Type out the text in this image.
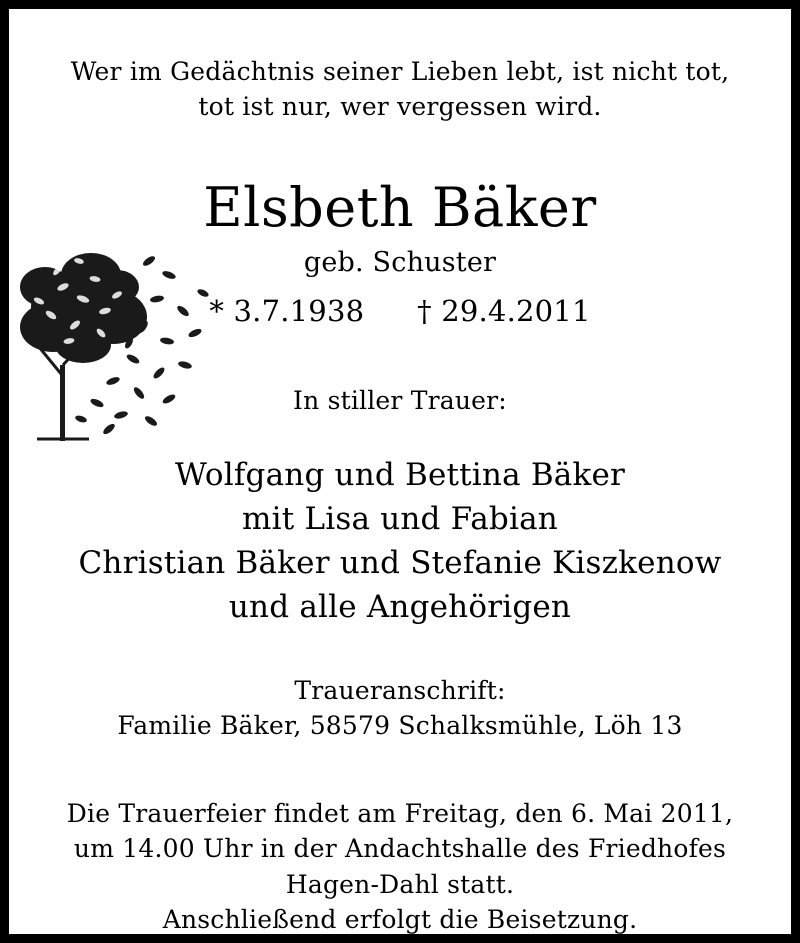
Wer im Gedächtnis seiner Lieben lebt, ist nicht tot,
tot ist nur, wer vergessen wird.
Elsbeth Bäker
geb. Schuster
* 3.7.1938 † 29.4.2011
In stiller Trauer:
Wolfgang und Bettina Bäker
mit Lisa und Fabian
Christian Bäker und Stefanie Kiszkenow
und alle Angehörigen
Traueranschrift:
Familie Bäker, 58579 Schalksmühle, Löh 13
Die Trauerfeier findet am Freitag, den 6. Mai 2011,
um 14.00 Uhr in der Andachtshalle des Friedhofes
Hagen-Dahl statt.
Anschließend erfolgt die Beisetzung.
